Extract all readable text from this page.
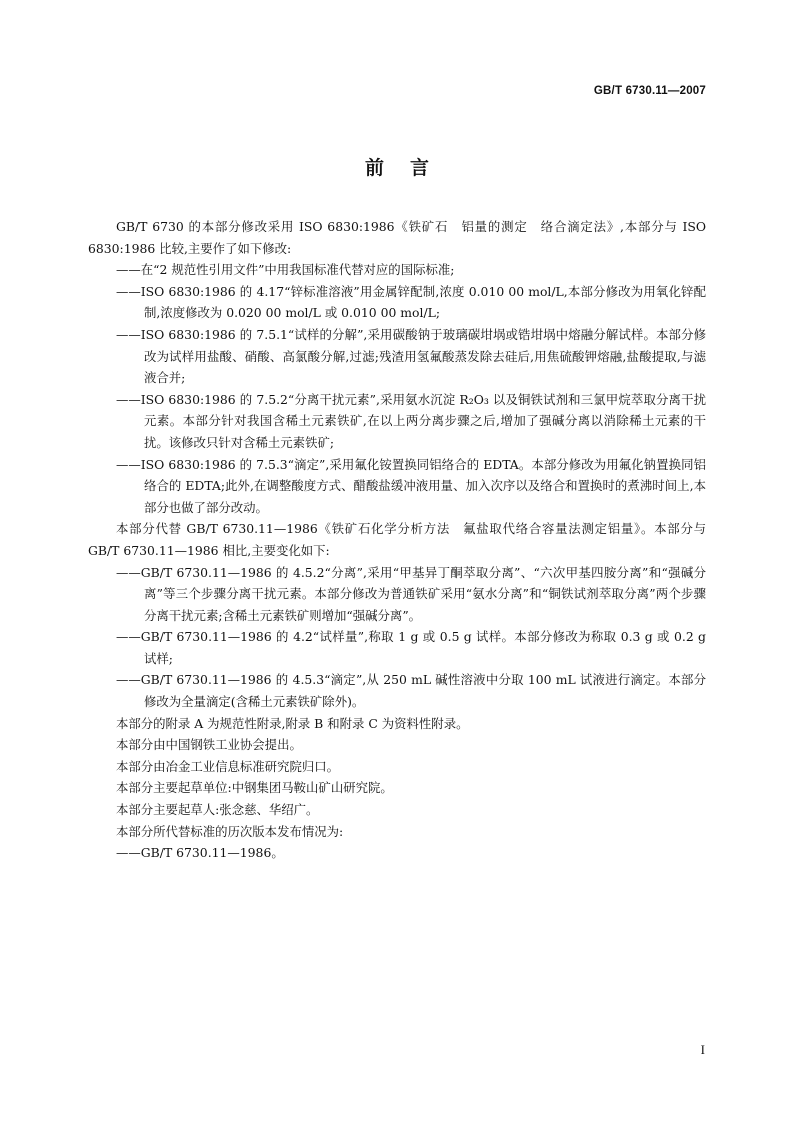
GB/T 6730.11—2007
前言

GB/T 6730 的本部分修改采用 ISO 6830:1986《铁矿石　铝量的测定　络合滴定法》,本部分与 ISO 6830:1986 比较,主要作了如下修改:

——在“2 规范性引用文件”中用我国标准代替对应的国际标准;

——ISO 6830:1986 的 4.17“锌标准溶液”用金属锌配制,浓度 0.010 00 mol/L,本部分修改为用氧化锌配制,浓度修改为 0.020 00 mol/L 或 0.010 00 mol/L;

——ISO 6830:1986 的 7.5.1“试样的分解”,采用碳酸钠于玻璃碳坩埚或锆坩埚中熔融分解试样。本部分修改为试样用盐酸、硝酸、高氯酸分解,过滤;残渣用氢氟酸蒸发除去硅后,用焦硫酸钾熔融,盐酸提取,与滤液合并;

——ISO 6830:1986 的 7.5.2“分离干扰元素”,采用氨水沉淀 R₂O₃ 以及铜铁试剂和三氯甲烷萃取分离干扰元素。本部分针对我国含稀土元素铁矿,在以上两分离步骤之后,增加了强碱分离以消除稀土元素的干扰。该修改只针对含稀土元素铁矿;

——ISO 6830:1986 的 7.5.3“滴定”,采用氟化铵置换同铝络合的 EDTA。本部分修改为用氟化钠置换同铝络合的 EDTA;此外,在调整酸度方式、醋酸盐缓冲液用量、加入次序以及络合和置换时的煮沸时间上,本部分也做了部分改动。

本部分代替 GB/T 6730.11—1986《铁矿石化学分析方法　氟盐取代络合容量法测定铝量》。本部分与 GB/T 6730.11—1986 相比,主要变化如下:

——GB/T 6730.11—1986 的 4.5.2“分离”,采用“甲基异丁酮萃取分离”、“六次甲基四胺分离”和“强碱分离”等三个步骤分离干扰元素。本部分修改为普通铁矿采用“氨水分离”和“铜铁试剂萃取分离”两个步骤分离干扰元素;含稀土元素铁矿则增加“强碱分离”。

——GB/T 6730.11—1986 的 4.2“试样量”,称取 1 g 或 0.5 g 试样。本部分修改为称取 0.3 g 或 0.2 g 试样;

——GB/T 6730.11—1986 的 4.5.3“滴定”,从 250 mL 碱性溶液中分取 100 mL 试液进行滴定。本部分修改为全量滴定(含稀土元素铁矿除外)。

本部分的附录 A 为规范性附录,附录 B 和附录 C 为资料性附录。

本部分由中国钢铁工业协会提出。

本部分由冶金工业信息标准研究院归口。

本部分主要起草单位:中钢集团马鞍山矿山研究院。

本部分主要起草人:张念慈、华绍广。

本部分所代替标准的历次版本发布情况为:

——GB/T 6730.11—1986。

I
